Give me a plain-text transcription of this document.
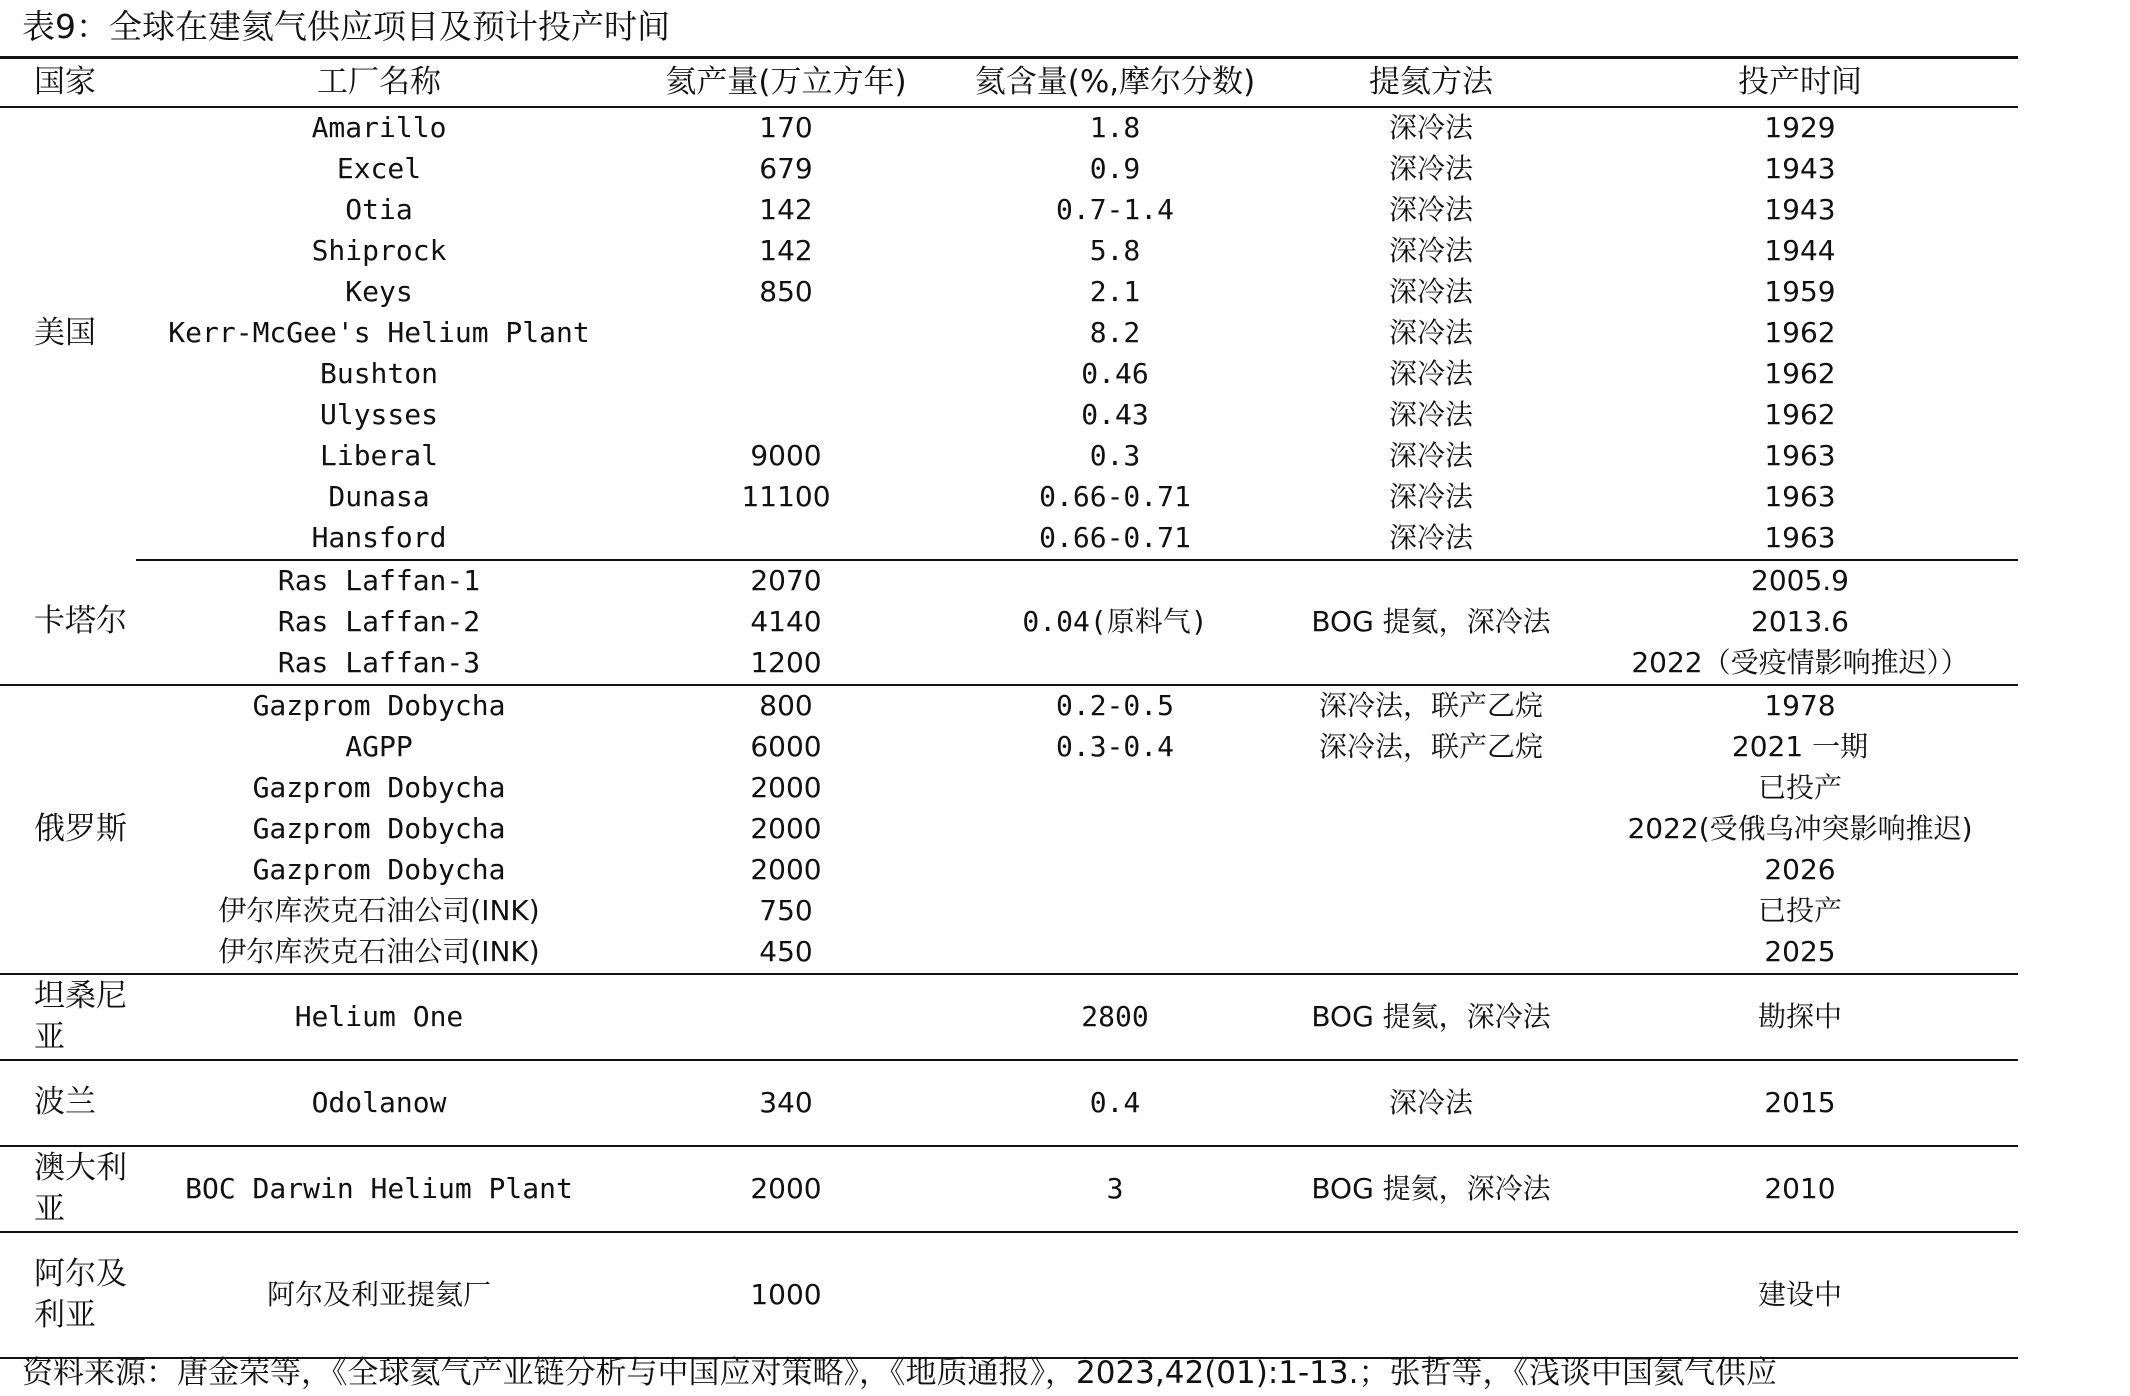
表9：全球在建氦气供应项目及预计投产时间
国家	工厂名称	氦产量(万立方年)	氦含量(%,摩尔分数)	提氦方法	投产时间
美国	Amarillo	170	1.8	深冷法	1929
	Excel	679	0.9	深冷法	1943
	Otia	142	0.7-1.4	深冷法	1943
	Shiprock	142	5.8	深冷法	1944
	Keys	850	2.1	深冷法	1959
	Kerr-McGee's Helium Plant		8.2	深冷法	1962
	Bushton		0.46	深冷法	1962
	Ulysses		0.43	深冷法	1962
	Liberal	9000	0.3	深冷法	1963
	Dunasa	11100	0.66-0.71	深冷法	1963
	Hansford		0.66-0.71	深冷法	1963
卡塔尔	Ras Laffan-1	2070	0.04(原料气)	BOG 提氦，深冷法	2005.9
	Ras Laffan-2	4140			2013.6
	Ras Laffan-3	1200			2022（受疫情影响推迟））
俄罗斯	Gazprom Dobycha	800	0.2-0.5	深冷法，联产乙烷	1978
	AGPP	6000	0.3-0.4	深冷法，联产乙烷	2021 一期
	Gazprom Dobycha	2000			已投产
	Gazprom Dobycha	2000			2022(受俄乌冲突影响推迟)
	Gazprom Dobycha	2000			2026
	伊尔库茨克石油公司(INK)	750			已投产
	伊尔库茨克石油公司(INK)	450			2025
坦桑尼亚	Helium One		2800	BOG 提氦，深冷法	勘探中
波兰	Odolanow	340	0.4	深冷法	2015
澳大利亚	BOC Darwin Helium Plant	2000	3	BOG 提氦，深冷法	2010
阿尔及利亚	阿尔及利亚提氦厂	1000			建设中
资料来源：唐金荣等，《全球氦气产业链分析与中国应对策略》，《地质通报》，2023,42(01):1-13.；张哲等，《浅谈中国氦气供应
